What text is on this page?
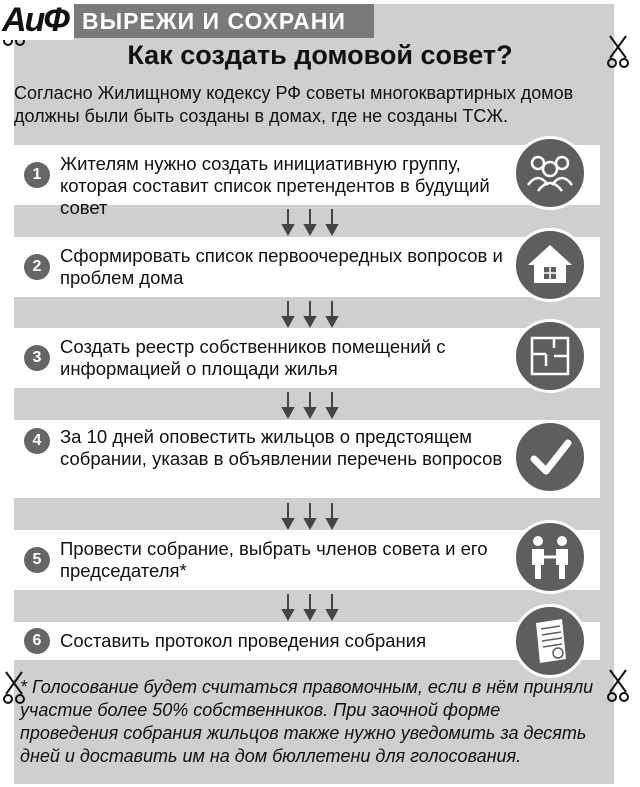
АиФ ВЫРЕЖИ И СОХРАНИ
Как создать домовой совет?
Согласно Жилищному кодексу РФ советы многоквартирных домов должны были быть созданы в домах, где не созданы ТСЖ.
1
Жителям нужно создать инициативную группу, которая составит список претендентов в будущий совет
2
Сформировать список первоочередных вопросов и проблем дома
3
Создать реестр собственников помещений с информацией о площади жилья
4	За 10 дней оповестить жильцов о предстоящем собрании, указав в объявлении перечень вопросов
5
Провести собрание, выбрать членов совета и его председателя*
6	Составить протокол проведения собрания
* Голосование будет считаться правомочным, если в нём приняли участие более 50% собственников. При заочной форме проведения собрания жильцов также нужно уведомить за десять дней и доставить им на дом бюллетени для голосования.
